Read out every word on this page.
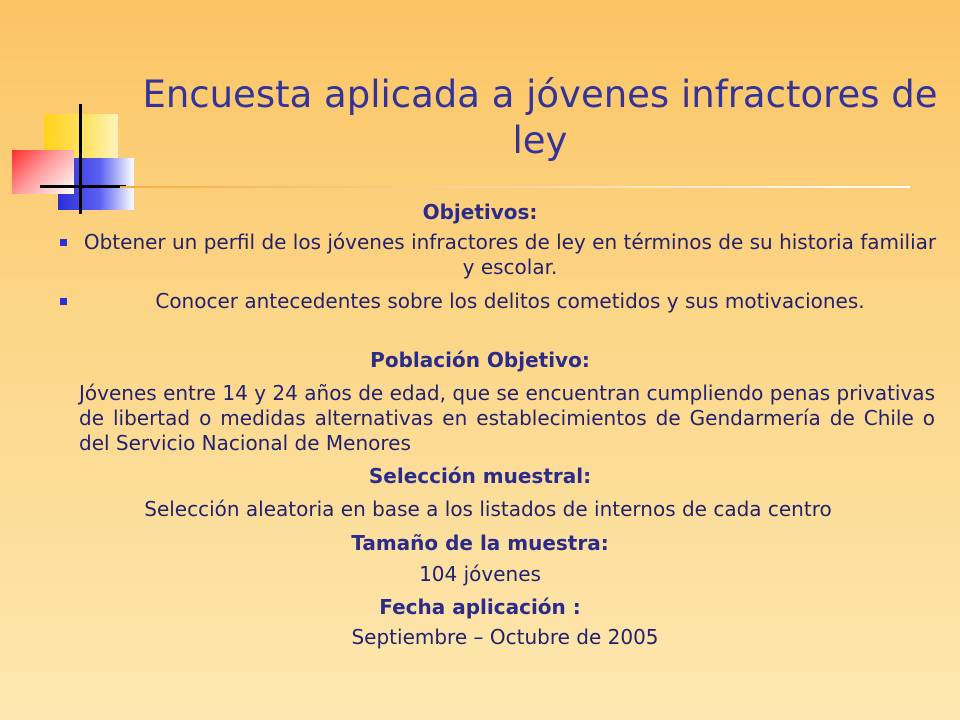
Encuesta aplicada a jóvenes infractores de ley
Objetivos:
Obtener un perfil de los jóvenes infractores de ley en términos de su historia familiar y escolar.
Conocer antecedentes sobre los delitos cometidos y sus motivaciones.
Población Objetivo:
Jóvenes entre 14 y 24 años de edad, que se encuentran cumpliendo penas privativas de libertad o medidas alternativas en establecimientos de Gendarmería de Chile o del Servicio Nacional de Menores
Selección muestral:
Selección aleatoria en base a los listados de internos de cada centro
Tamaño de la muestra:
104 jóvenes
Fecha aplicación :
Septiembre – Octubre de 2005
